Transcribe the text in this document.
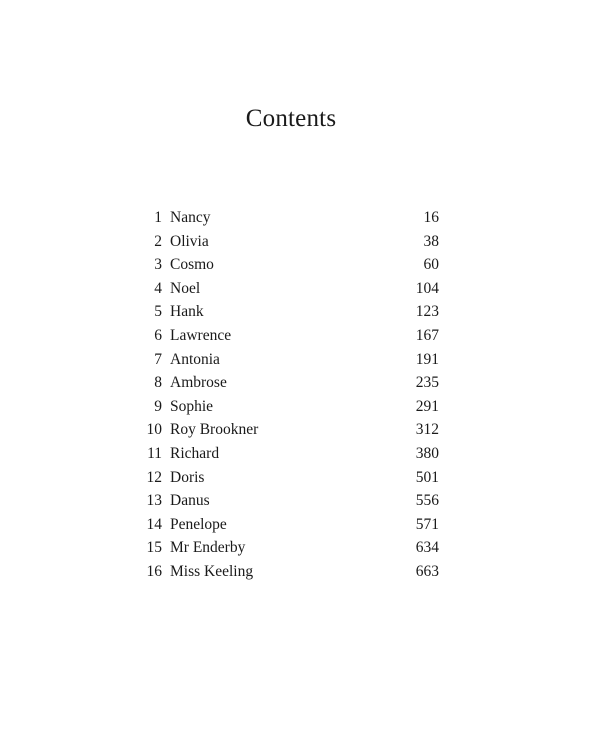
Contents
1 Nancy	16
2 Olivia	38
3 Cosmo	60
4 Noel	104
5 Hank	123
6 Lawrence	167
7 Antonia	191
8 Ambrose	235
9 Sophie	291
10 Roy Brookner	312
11 Richard	380
12 Doris	501
13 Danus	556
14 Penelope	571
15 Mr Enderby	634
16 Miss Keeling	663
